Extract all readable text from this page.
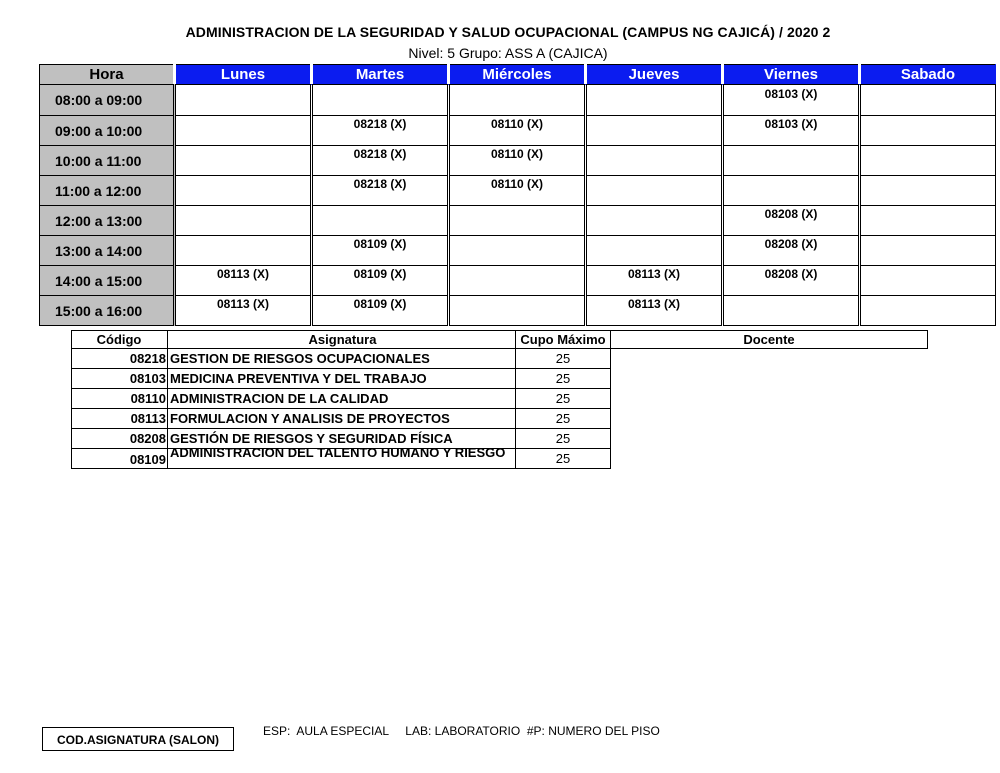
ADMINISTRACION DE LA SEGURIDAD Y SALUD OCUPACIONAL (CAMPUS NG CAJICÁ) / 2020 2
Nivel: 5 Grupo: ASS A (CAJICA)
Hora	Lunes	Martes	Miércoles	Jueves	Viernes	Sabado
08:00 a 09:00					08103 (X)	
09:00 a 10:00		08218 (X)	08110 (X)		08103 (X)	
10:00 a 11:00		08218 (X)	08110 (X)			
11:00 a 12:00		08218 (X)	08110 (X)			
12:00 a 13:00					08208 (X)	
13:00 a 14:00		08109 (X)			08208 (X)	
14:00 a 15:00	08113 (X)	08109 (X)		08113 (X)	08208 (X)	
15:00 a 16:00	08113 (X)	08109 (X)		08113 (X)		
Código	Asignatura	Cupo Máximo	Docente
08218	GESTION DE RIESGOS OCUPACIONALES	25	
08103	MEDICINA PREVENTIVA Y DEL TRABAJO	25	
08110	ADMINISTRACION DE LA CALIDAD	25	
08113	FORMULACION Y ANALISIS DE PROYECTOS	25	
08208	GESTIÓN DE RIESGOS Y SEGURIDAD FÍSICA	25	
08109	ADMINISTRACION DEL TALENTO HUMANO Y RIESGO	25	
COD.ASIGNATURA (SALON)
ESP:  AULA ESPECIAL     LAB: LABORATORIO  #P: NUMERO DEL PISO
